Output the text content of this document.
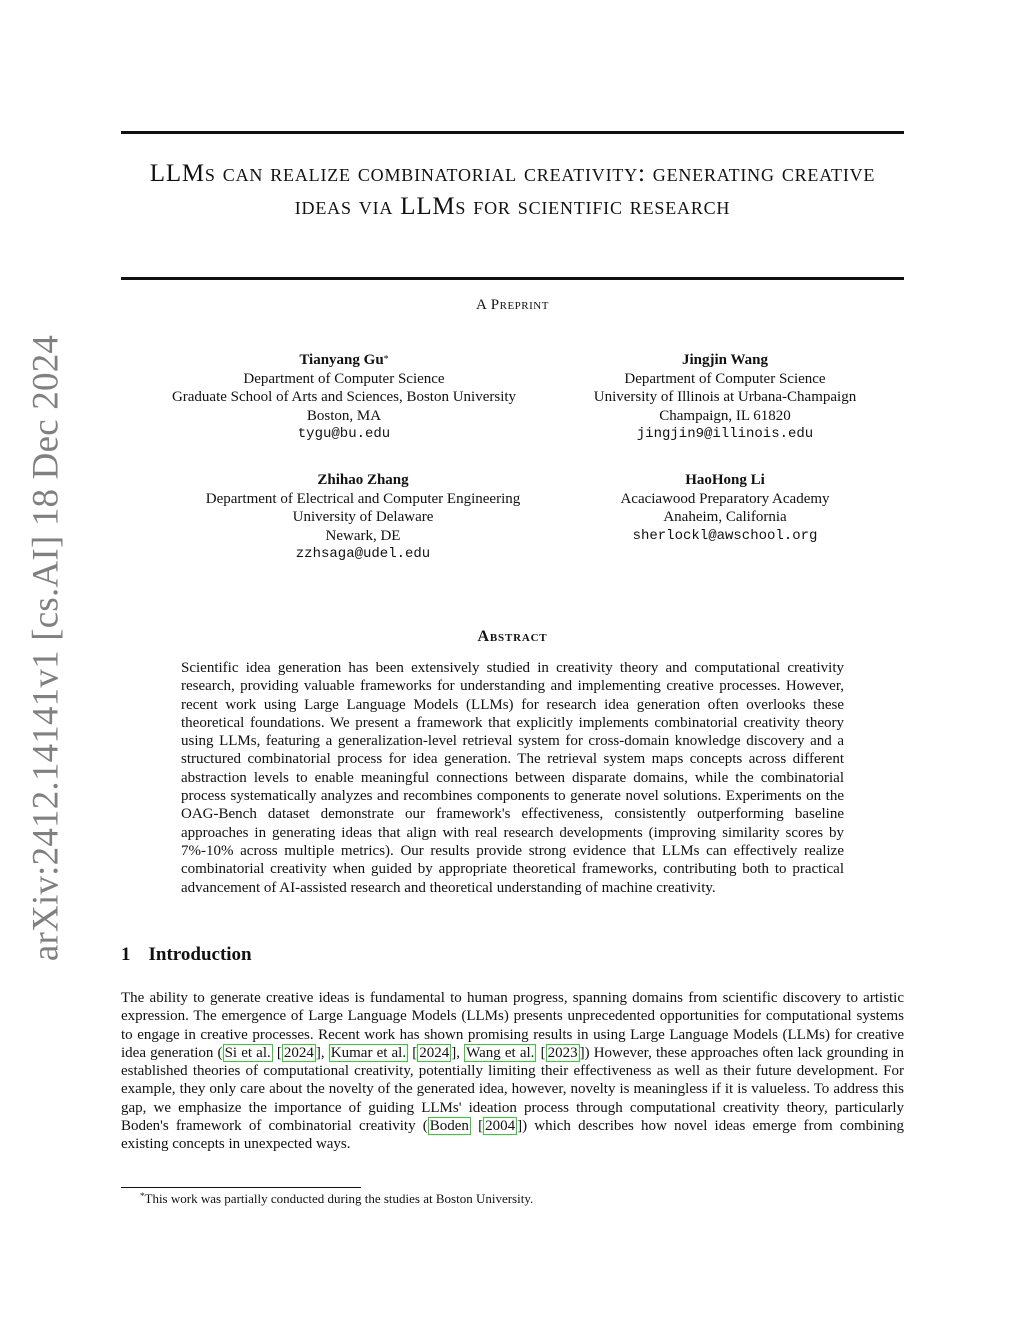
arXiv:2412.14141v1 [cs.AI] 18 Dec 2024
LLMs can realize combinatorial creativity: generating creative ideas via LLMs for scientific research
A Preprint
Tianyang Gu*
Department of Computer Science
Graduate School of Arts and Sciences, Boston University
Boston, MA
tygu@bu.edu
Jingjin Wang
Department of Computer Science
University of Illinois at Urbana-Champaign
Champaign, IL 61820
jingjin9@illinois.edu
Zhihao Zhang
Department of Electrical and Computer Engineering
University of Delaware
Newark, DE
zzhsaga@udel.edu
HaoHong Li
Acaciawood Preparatory Academy
Anaheim, California
sherlockl@awschool.org
Abstract
Scientific idea generation has been extensively studied in creativity theory and computational creativity research, providing valuable frameworks for understanding and implementing creative processes. However, recent work using Large Language Models (LLMs) for research idea generation often overlooks these theoretical foundations. We present a framework that explicitly implements combinatorial creativity theory using LLMs, featuring a generalization-level retrieval system for cross-domain knowledge discovery and a structured combinatorial process for idea generation. The retrieval system maps concepts across different abstraction levels to enable meaningful connections between disparate domains, while the combinatorial process systematically analyzes and recombines components to generate novel solutions. Experiments on the OAG-Bench dataset demonstrate our framework's effectiveness, consistently outperforming baseline approaches in generating ideas that align with real research developments (improving similarity scores by 7%-10% across multiple metrics). Our results provide strong evidence that LLMs can effectively realize combinatorial creativity when guided by appropriate theoretical frameworks, contributing both to practical advancement of AI-assisted research and theoretical understanding of machine creativity.
1 Introduction
The ability to generate creative ideas is fundamental to human progress, spanning domains from scientific discovery to artistic expression. The emergence of Large Language Models (LLMs) presents unprecedented opportunities for computational systems to engage in creative processes. Recent work has shown promising results in using Large Language Models (LLMs) for creative idea generation ( Si et al. [ 2024 ], Kumar et al. [ 2024 ], Wang et al. [ 2023 ]) However, these approaches often lack grounding in established theories of computational creativity, potentially limiting their effectiveness as well as their future development. For example, they only care about the novelty of the generated idea, however, novelty is meaningless if it is valueless. To address this gap, we emphasize the importance of guiding LLMs' ideation process through computational creativity theory, particularly Boden's framework of combinatorial creativity ( Boden [ 2004 ]) which describes how novel ideas emerge from combining existing concepts in unexpected ways.
*This work was partially conducted during the studies at Boston University.
